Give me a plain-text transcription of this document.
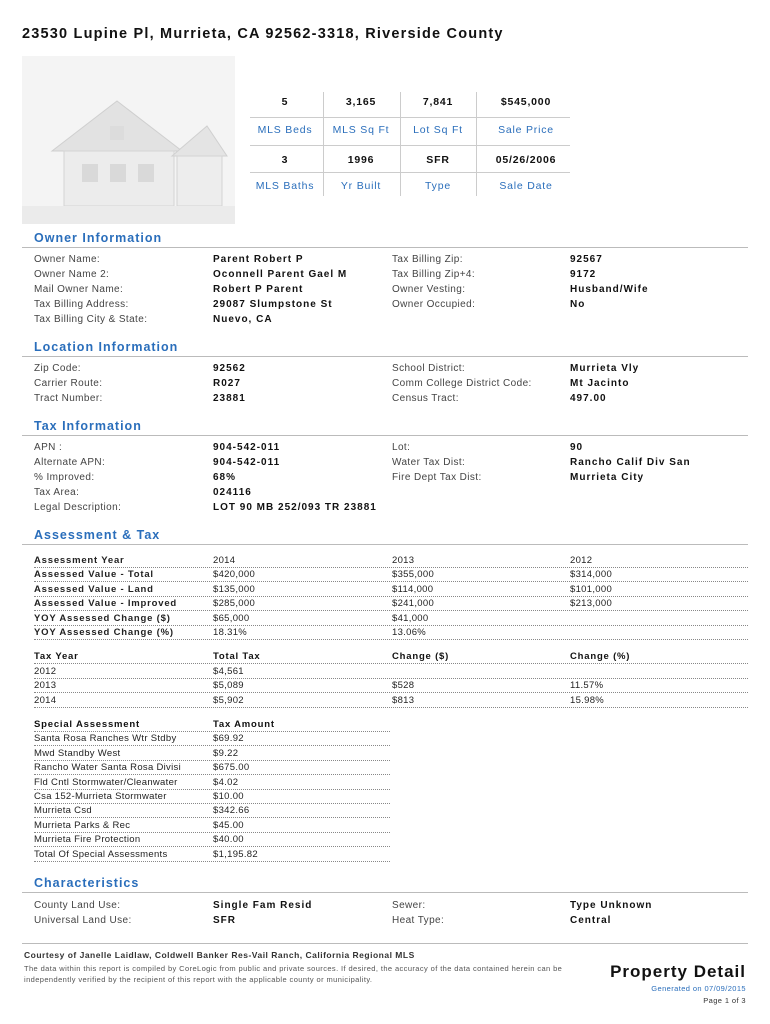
23530 Lupine Pl, Murrieta, CA 92562-3318, Riverside County
5
MLS Beds
3,165
MLS Sq Ft
7,841
Lot Sq Ft
$545,000
Sale Price
3
MLS Baths
1996
Yr Built
SFR
Type
05/26/2006
Sale Date
Owner Information
Owner Name:	Parent Robert P
Owner Name 2:	Oconnell Parent Gael M
Mail Owner Name:	Robert P Parent
Tax Billing Address:	29087 Slumpstone St
Tax Billing City & State:	Nuevo, CA
Tax Billing Zip:	92567
Tax Billing Zip+4:	9172
Owner Vesting:	Husband/Wife
Owner Occupied:	No
Location Information
Zip Code:	92562
Carrier Route:	R027
Tract Number:	23881
School District:	Murrieta Vly
Comm College District Code:	Mt Jacinto
Census Tract:	497.00
Tax Information
APN :	904-542-011
Alternate APN:	904-542-011
% Improved:	68%
Tax Area:	024116
Legal Description:	LOT 90 MB 252/093 TR 23881
Lot:	90
Water Tax Dist:	Rancho Calif Div San
Fire Dept Tax Dist:	Murrieta City
Assessment & Tax
Assessment Year	2014	2013	2012
Assessed Value - Total	$420,000	$355,000	$314,000
Assessed Value - Land	$135,000	$114,000	$101,000
Assessed Value - Improved	$285,000	$241,000	$213,000
YOY Assessed Change ($)	$65,000	$41,000
YOY Assessed Change (%)	18.31%	13.06%
Tax Year	Total Tax	Change ($)	Change (%)
2012	$4,561
2013	$5,089	$528	11.57%
2014	$5,902	$813	15.98%
Special Assessment	Tax Amount
Santa Rosa Ranches Wtr Stdby	$69.92
Mwd Standby West	$9.22
Rancho Water Santa Rosa Divisi	$675.00
Fld Cntl Stormwater/Cleanwater	$4.02
Csa 152-Murrieta Stormwater	$10.00
Murrieta Csd	$342.66
Murrieta Parks & Rec	$45.00
Murrieta Fire Protection	$40.00
Total Of Special Assessments	$1,195.82
Characteristics
County Land Use:	Single Fam Resid
Universal Land Use:	SFR
Sewer:	Type Unknown
Heat Type:	Central
Courtesy of Janelle Laidlaw, Coldwell Banker Res-Vail Ranch, California Regional MLS
The data within this report is compiled by CoreLogic from public and private sources. If desired, the accuracy of the data contained herein can be independently verified by the recipient of this report with the applicable county or municipality.	Property Detail
Generated on 07/09/2015
Page 1 of 3
